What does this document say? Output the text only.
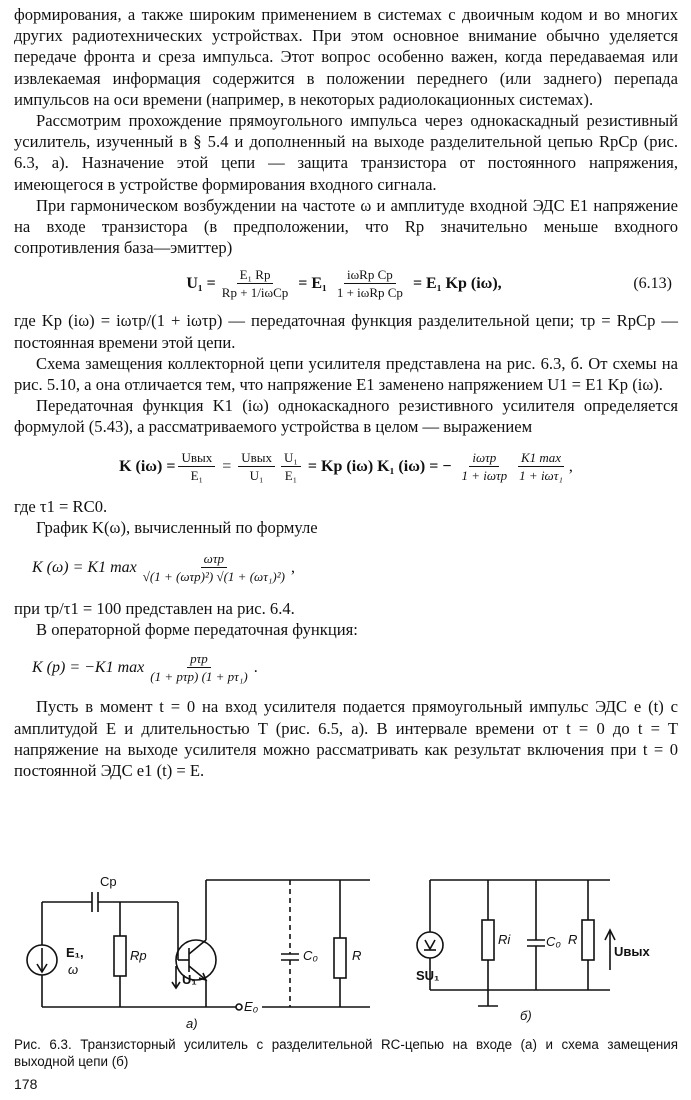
формирования, а также широким применением в системах с двоичным кодом и во многих других радиотехнических устройствах. При этом основное внимание обычно уделяется передаче фронта и среза импульса. Этот вопрос особенно важен, когда передаваемая или извлекаемая информация содержится в положении переднего (или заднего) перепада импульсов на оси времени (например, в некоторых радиолокационных системах).

Рассмотрим прохождение прямоугольного импульса через однокаскадный резистивный усилитель, изученный в § 5.4 и дополненный на выходе разделительной цепью RрCр (рис. 6.3, а). Назначение этой цепи — защита транзистора от постоянного напряжения, имеющегося в устройстве формирования входного сигнала.

При гармоническом возбуждении на частоте ω и амплитуде входной ЭДС E1 напряжение на входе транзистора (в предположении, что Rр значительно меньше входного сопротивления база—эмиттер)

$U_1 = \frac{\text{E₁ Rр}}{\text{Rр + 1/iωCр}} = E_1 \frac{\text{iωRр Cр}}{\text{1 + iωRр Cр}} = E_1$ Kр (iω),	(6.13)

где Kр (iω) = iωτр/(1 + iωτр) — передаточная функция разделительной цепи; τр = RрCр — постоянная времени этой цепи.

Схема замещения коллекторной цепи усилителя представлена на рис. 6.3, б. От схемы на рис. 5.10, а она отличается тем, что напряжение E1 заменено напряжением U1 = E1 Kр (iω).

Передаточная функция K1 (iω) однокаскадного резистивного усилителя определяется формулой (5.43), а рассматриваемого устройства в целом — выражением

K $(i\omega) = \frac{\text{Uвых}}{\text{E₁}} = \frac{\text{Uвых}}{\text{U₁}} \frac{\text{U₁}}{\text{E₁}}$ = Kр (iω) K₁ (iω) = − $\frac{\text{iωτр}}{\text{1 + iωτр}} \frac{K1 \max}{\text{1 + iωτ₁}}$ ,

где τ1 = RC0.

График K(ω), вычисленный по формуле

K (ω) = K1 $\max \frac{\text{ωτр}}{\text{√(1 + (ωτр)²) √(1 + (ωτ₁)²)}}$ ,

при τр/τ1 = 100 представлен на рис. 6.4.

В операторной форме передаточная функция:

K (p) = −K1 $\max \frac{\text{pτр}}{\text{(1 + pτр) (1 + pτ₁)}}$ .

Пусть в момент t = 0 на вход усилителя подается прямоугольный импульс ЭДС e (t) с амплитудой E и длительностью T (рис. 6.5, а). В интервале времени от t = 0 до t = T напряжение на выходе усилителя можно рассматривать как результат включения при t = 0 постоянной ЭДС e1 (t) = E.

Cр
E₁,
ω
Rр
U₁
C₀	R
E₀
а)
SU₁
Ri	C₀ R
Uвых
б)

Рис. 6.3. Транзисторный усилитель с разделительной RC-цепью на входе (а) и схема замещения выходной цепи (б)

178
